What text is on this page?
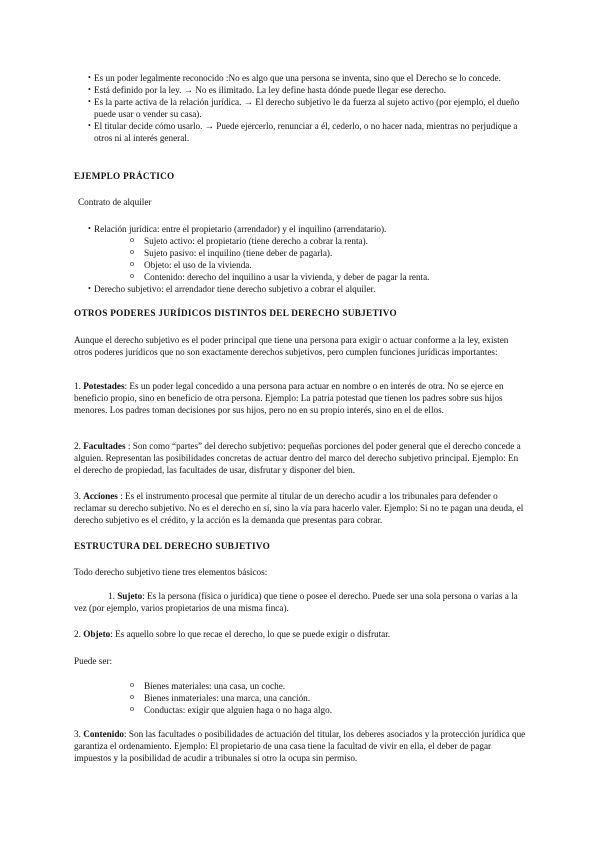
• Es un poder legalmente reconocido :No es algo que una persona se inventa, sino que el Derecho se lo concede.
• Está definido por la ley. → No es ilimitado. La ley define hasta dónde puede llegar ese derecho.
• Es la parte activa de la relación jurídica. → El derecho subjetivo le da fuerza al sujeto activo (por ejemplo, el dueño puede usar o vender su casa).
• El titular decide cómo usarlo. → Puede ejercerlo, renunciar a él, cederlo, o no hacer nada, mientras no perjudique a otros ni al interés general.
EJEMPLO PRÁCTICO
Contrato de alquiler
• Relación jurídica: entre el propietario (arrendador) y el inquilino (arrendatario).
o Sujeto activo: el propietario (tiene derecho a cobrar la renta).
o Sujeto pasivo: el inquilino (tiene deber de pagarla).
o Objeto: el uso de la vivienda.
o Contenido: derecho del inquilino a usar la vivienda, y deber de pagar la renta.
• Derecho subjetivo: el arrendador tiene derecho subjetivo a cobrar el alquiler.
OTROS PODERES JURÍDICOS DISTINTOS DEL DERECHO SUBJETIVO

Aunque el derecho subjetivo es el poder principal que tiene una persona para exigir o actuar conforme a la ley, existen otros poderes jurídicos que no son exactamente derechos subjetivos, pero cumplen funciones jurídicas importantes:

1. Potestades: Es un poder legal concedido a una persona para actuar en nombre o en interés de otra. No se ejerce en beneficio propio, sino en beneficio de otra persona. Ejemplo: La patria potestad que tienen los padres sobre sus hijos menores. Los padres toman decisiones por sus hijos, pero no en su propio interés, sino en el de ellos.

2. Facultades : Son como “partes” del derecho subjetivo: pequeñas porciones del poder general que el derecho concede a alguien. Representan las posibilidades concretas de actuar dentro del marco del derecho subjetivo principal. Ejemplo: En el derecho de propiedad, las facultades de usar, disfrutar y disponer del bien.

3. Acciones : Es el instrumento procesal que permite al titular de un derecho acudir a los tribunales para defender o reclamar su derecho subjetivo. No es el derecho en sí, sino la vía para hacerlo valer. Ejemplo: Si no te pagan una deuda, el derecho subjetivo es el crédito, y la acción es la demanda que presentas para cobrar.

ESTRUCTURA DEL DERECHO SUBJETIVO

Todo derecho subjetivo tiene tres elementos básicos:

1. Sujeto: Es la persona (física o jurídica) que tiene o posee el derecho. Puede ser una sola persona o varias a la vez (por ejemplo, varios propietarios de una misma finca).

2. Objeto: Es aquello sobre lo que recae el derecho, lo que se puede exigir o disfrutar.

Puede ser:

o Bienes materiales: una casa, un coche.
o Bienes inmateriales: una marca, una canción.
o Conductas: exigir que alguien haga o no haga algo.

3. Contenido: Son las facultades o posibilidades de actuación del titular, los deberes asociados y la protección jurídica que garantiza el ordenamiento. Ejemplo: El propietario de una casa tiene la facultad de vivir en ella, el deber de pagar impuestos y la posibilidad de acudir a tribunales si otro la ocupa sin permiso.
